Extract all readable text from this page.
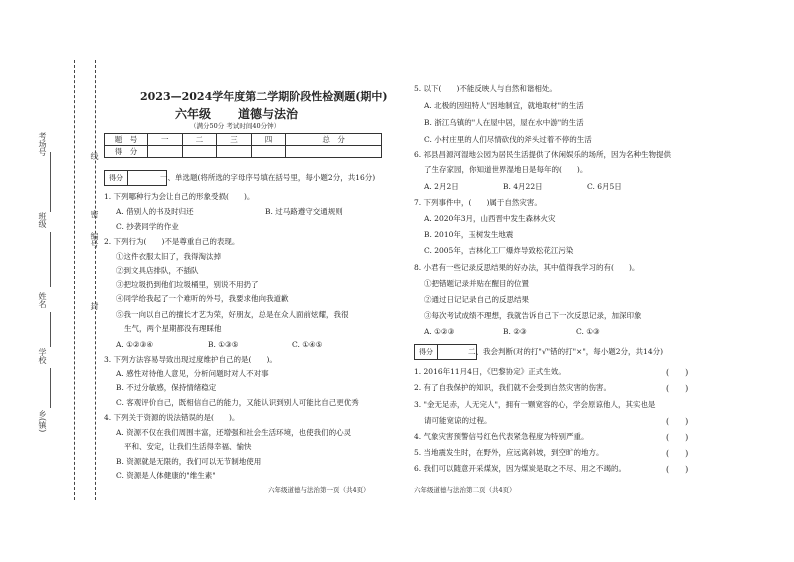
考场号	线
班级	密
编号
姓名	封
学校
乡(镇)
2023—2024学年度第二学期阶段性检测题(期中)
六年级 道德与法治
（满分50分 考试时间40分钟）
题　号	一	二	三	四	总　分
得　分					
得分	一、单选题(将所选的字母序号填在括号里，每小题2分，共16分)
1. 下列哪种行为会让自己的形象受损(　　)。
A. 借别人的书及时归还	B. 过马路遵守交通规则
C. 抄袭同学的作业
2. 下列行为(　　)不是尊重自己的表现。
①这件衣服太旧了，我得淘汰掉
②到文具店排队，不插队
③把垃圾扔到他们垃圾桶里，别说不用扔了
④同学给我起了一个难听的外号，我要求他向我道歉
⑤我一向以自己的擅长才艺为荣，好朋友，总是在众人面前炫耀，我很
生气，两个星期都没有理睬他
A. ①②③④	B. ①③⑤	C. ①④⑤
3. 下列方法容易导致出现过度维护自己的是(　　)。
A. 感性对待他人意见，分析问题时对人不对事
B. 不过分敏感，保持情绪稳定
C. 客观评价自己，既相信自己的能力，又能认识到别人可能比自己更优秀
4. 下列关于资源的说法错误的是(　　)。
A. 资源不仅在我们周围丰富，还增强和社会生活环境，也使我们的心灵
平和、安定，让我们生活得幸福、愉快
B. 资源就是无限的，我们可以无节制地使用
C. 资源是人体健康的"维生素"
六年级道德与法治第一页（共4页）
5. 以下(　　)不能反映人与自然和谐相处。
A. 北极的因纽特人"因地制宜，就地取材"的生活
B. 浙江乌镇的"人在屋中居，屋在水中游"的生活
C. 小村庄里的人们尽情砍伐的斧头过着不停的生活
6. 祁县昌源河湿地公园为居民生活提供了休闲娱乐的场所，因为名种生物提供
了生存家园，你知道世界湿地日是每年的(　　)。
A. 2月2日	B. 4月22日	C. 6月5日
7. 下列事件中，(　　)属于自然灾害。
A. 2020年3月，山西晋中发生森林火灾
B. 2010年，玉树发生地震
C. 2005年，吉林化工厂爆炸导致松花江污染
8. 小君有一些记录反思结果的好办法，其中值得我学习的有(　　)。
①把错题记录并贴在醒目的位置
②通过日记记录自己的反思结果
③每次考试成绩不理想，我就告诉自己下一次反思记录，加深印象
A. ①②③	B. ②③	C. ①③
得分	二、我会判断(对的打"√"错的打"×"，每小题2分，共14分)
1. 2016年11月4日，《巴黎协定》正式生效。	(　　)
2. 有了自我保护的知识，我们就不会受到自然灾害的伤害。	(　　)
3. "金无足赤，人无完人"，拥有一颗宽容的心，学会原谅他人，其实也是
请可能宽谅的过程。	(　　)
4. 气象灾害预警信号红色代表紧急程度为特别严重。	(　　)
5. 当地震发生时，在野外，应远离斜坡，到空旷的地方。	(　　)
6. 我们可以随意开采煤炭，因为煤炭是取之不尽、用之不竭的。	(　　)
六年级道德与法治第二页（共4页）
